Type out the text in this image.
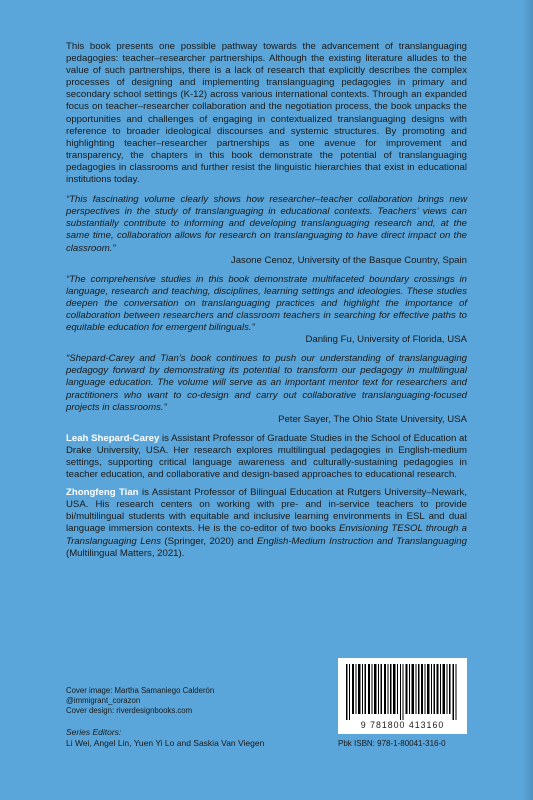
This book presents one possible pathway towards the advancement of translanguaging pedagogies: teacher–researcher partnerships. Although the existing literature alludes to the value of such partnerships, there is a lack of research that explicitly describes the complex processes of designing and implementing translanguaging pedagogies in primary and secondary school settings (K-12) across various international contexts. Through an expanded focus on teacher–researcher collaboration and the negotiation process, the book unpacks the opportunities and challenges of engaging in contextualized translanguaging designs with reference to broader ideological discourses and systemic structures. By promoting and highlighting teacher–researcher partnerships as one avenue for improvement and transparency, the chapters in this book demonstrate the potential of translanguaging pedagogies in classrooms and further resist the linguistic hierarchies that exist in educational institutions today.

“This fascinating volume clearly shows how researcher–teacher collaboration brings new perspectives in the study of translanguaging in educational contexts. Teachers’ views can substantially contribute to informing and developing translanguaging research and, at the same time, collaboration allows for research on translanguaging to have direct impact on the classroom.”

Jasone Cenoz, University of the Basque Country, Spain

“The comprehensive studies in this book demonstrate multifaceted boundary crossings in language, research and teaching, disciplines, learning settings and ideologies. These studies deepen the conversation on translanguaging practices and highlight the importance of collaboration between researchers and classroom teachers in searching for effective paths to equitable education for emergent bilinguals.”

Danling Fu, University of Florida, USA

“Shepard-Carey and Tian’s book continues to push our understanding of translanguaging pedagogy forward by demonstrating its potential to transform our pedagogy in multilingual language education. The volume will serve as an important mentor text for researchers and practitioners who want to co-design and carry out collaborative translanguaging-focused projects in classrooms.”

Peter Sayer, The Ohio State University, USA

Leah Shepard-Carey is Assistant Professor of Graduate Studies in the School of Education at Drake University, USA. Her research explores multilingual pedagogies in English-medium settings, supporting critical language awareness and culturally-sustaining pedagogies in teacher education, and collaborative and design-based approaches to educational research.

Zhongfeng Tian is Assistant Professor of Bilingual Education at Rutgers University–Newark, USA. His research centers on working with pre- and in-service teachers to provide bi/multilingual students with equitable and inclusive learning environments in ESL and dual language immersion contexts. He is the co-editor of two books Envisioning TESOL through a Translanguaging Lens (Springer, 2020) and English-Medium Instruction and Translanguaging (Multilingual Matters, 2021).

Cover image: Martha Samaniego Calderón
@immigrant_corazon
Cover design: riverdesignbooks.com
Series Editors:
Li Wei, Angel Lin, Yuen Yi Lo and Saskia Van Viegen
9 781800 413160
Pbk ISBN: 978-1-80041-316-0
